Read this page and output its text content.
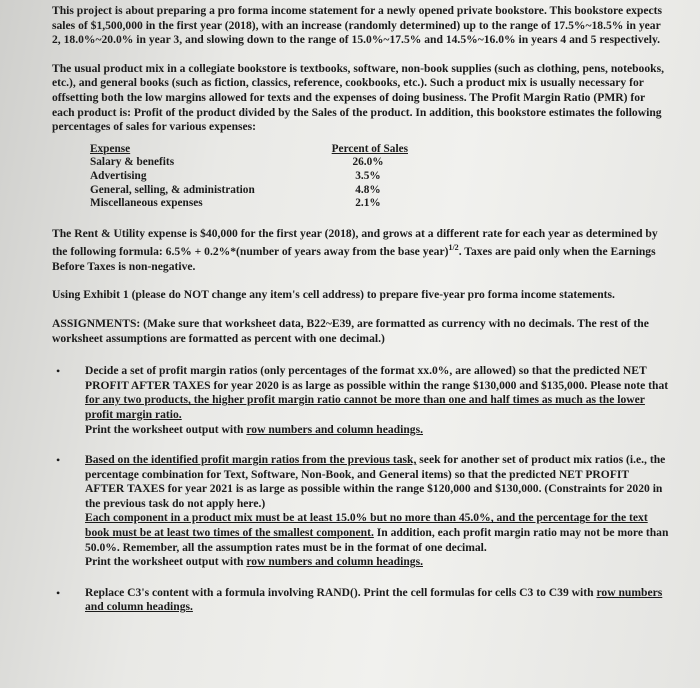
This project is about preparing a pro forma income statement for a newly opened private bookstore. This bookstore expects sales of $1,500,000 in the first year (2018), with an increase (randomly determined) up to the range of 17.5%~18.5% in year 2, 18.0%~20.0% in year 3, and slowing down to the range of 15.0%~17.5% and 14.5%~16.0% in years 4 and 5 respectively.

The usual product mix in a collegiate bookstore is textbooks, software, non-book supplies (such as clothing, pens, notebooks, etc.), and general books (such as fiction, classics, reference, cookbooks, etc.). Such a product mix is usually necessary for offsetting both the low margins allowed for texts and the expenses of doing business. The Profit Margin Ratio (PMR) for each product is: Profit of the product divided by the Sales of the product. In addition, this bookstore estimates the following percentages of sales for various expenses:

Expense	Percent of Sales
Salary & benefits	26.0%
Advertising	3.5%
General, selling, & administration	4.8%
Miscellaneous expenses	2.1%

The Rent & Utility expense is $40,000 for the first year (2018), and grows at a different rate for each year as determined by the following formula: 6.5% + 0.2%*(number of years away from the base year)$^{1/2}$. Taxes are paid only when the Earnings Before Taxes is non-negative.

Using Exhibit 1 (please do NOT change any item's cell address) to prepare five-year pro forma income statements.

ASSIGNMENTS: (Make sure that worksheet data, B22~E39, are formatted as currency with no decimals. The rest of the worksheet assumptions are formatted as percent with one decimal.)

• Decide a set of profit margin ratios (only percentages of the format xx.0%, are allowed) so that the predicted NET PROFIT AFTER TAXES for year 2020 is as large as possible within the range $130,000 and $135,000. Please note that for any two products, the higher profit margin ratio cannot be more than one and half times as much as the lower profit margin ratio.
Print the worksheet output with row numbers and column headings.

• Based on the identified profit margin ratios from the previous task, seek for another set of product mix ratios (i.e., the percentage combination for Text, Software, Non-Book, and General items) so that the predicted NET PROFIT AFTER TAXES for year 2021 is as large as possible within the range $120,000 and $130,000. (Constraints for 2020 in the previous task do not apply here.)
Each component in a product mix must be at least 15.0% but no more than 45.0%, and the percentage for the text book must be at least two times of the smallest component. In addition, each profit margin ratio may not be more than 50.0%. Remember, all the assumption rates must be in the format of one decimal.
Print the worksheet output with row numbers and column headings.

• Replace C3's content with a formula involving RAND(). Print the cell formulas for cells C3 to C39 with row numbers and column headings.
